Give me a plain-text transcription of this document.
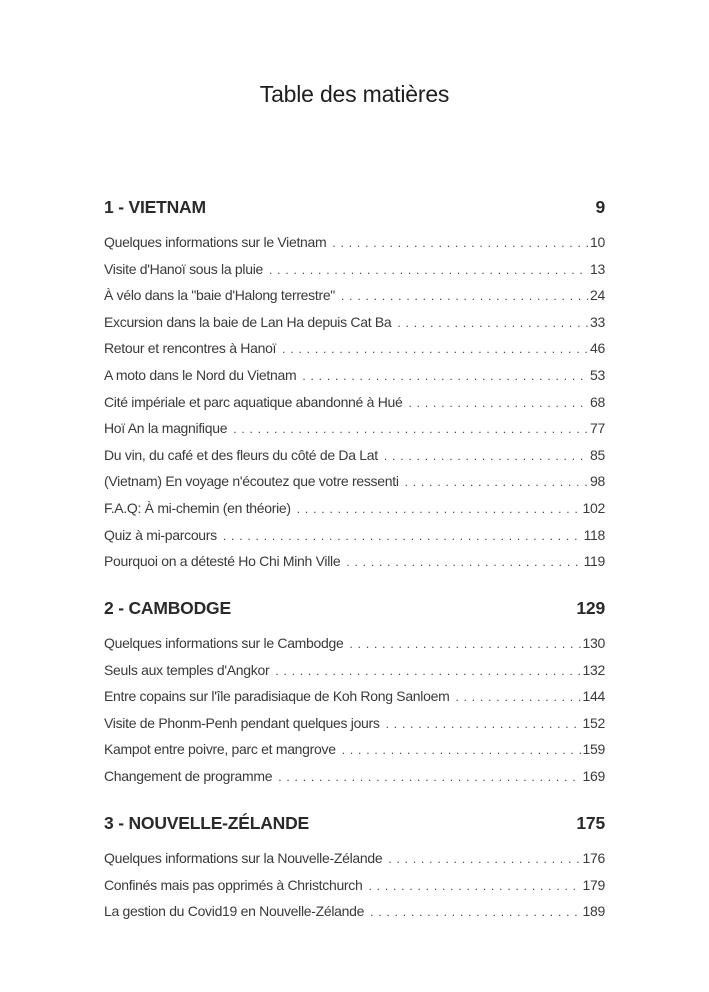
Table des matières
1 - VIETNAM	9
Quelques informations sur le Vietnam . . .	10
Visite d'Hanoï sous la pluie . . .	13
À vélo dans la "baie d'Halong terrestre" . . .	24
Excursion dans la baie de Lan Ha depuis Cat Ba . . .	33
Retour et rencontres à Hanoï . . .	46
A moto dans le Nord du Vietnam . . .	53
Cité impériale et parc aquatique abandonné à Hué . . .	68
Hoï An la magnifique . . .	77
Du vin, du café et des fleurs du côté de Da Lat . . .	85
(Vietnam) En voyage n'écoutez que votre ressenti . . .	98
F.A.Q: À mi-chemin (en théorie) . . .	102
Quiz à mi-parcours . . .	118
Pourquoi on a détesté Ho Chi Minh Ville . . .	119
2 - CAMBODGE	129
Quelques informations sur le Cambodge . . .	130
Seuls aux temples d'Angkor . . .	132
Entre copains sur l'île paradisiaque de Koh Rong Sanloem . . .	144
Visite de Phonm-Penh pendant quelques jours . . .	152
Kampot entre poivre, parc et mangrove . . .	159
Changement de programme . . .	169
3 - NOUVELLE-ZÉLANDE	175
Quelques informations sur la Nouvelle-Zélande . . .	176
Confinés mais pas opprimés à Christchurch . . .	179
La gestion du Covid19 en Nouvelle-Zélande . . .	189
